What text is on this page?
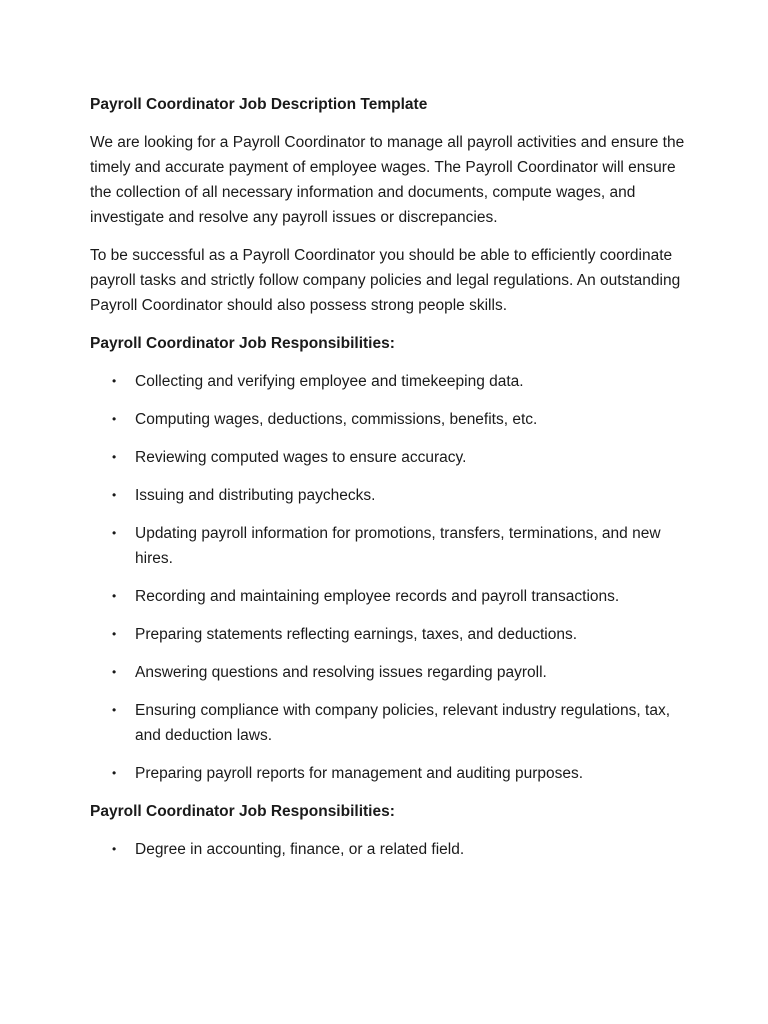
Payroll Coordinator Job Description Template

We are looking for a Payroll Coordinator to manage all payroll activities and ensure the timely and accurate payment of employee wages. The Payroll Coordinator will ensure the collection of all necessary information and documents, compute wages, and investigate and resolve any payroll issues or discrepancies.

To be successful as a Payroll Coordinator you should be able to efficiently coordinate payroll tasks and strictly follow company policies and legal regulations. An outstanding Payroll Coordinator should also possess strong people skills.

Payroll Coordinator Job Responsibilities:
• Collecting and verifying employee and timekeeping data.
• Computing wages, deductions, commissions, benefits, etc.
• Reviewing computed wages to ensure accuracy.
• Issuing and distributing paychecks.
• Updating payroll information for promotions, transfers, terminations, and new hires.
• Recording and maintaining employee records and payroll transactions.
• Preparing statements reflecting earnings, taxes, and deductions.
• Answering questions and resolving issues regarding payroll.
• Ensuring compliance with company policies, relevant industry regulations, tax, and deduction laws.
• Preparing payroll reports for management and auditing purposes.
Payroll Coordinator Job Responsibilities:
• Degree in accounting, finance, or a related field.
